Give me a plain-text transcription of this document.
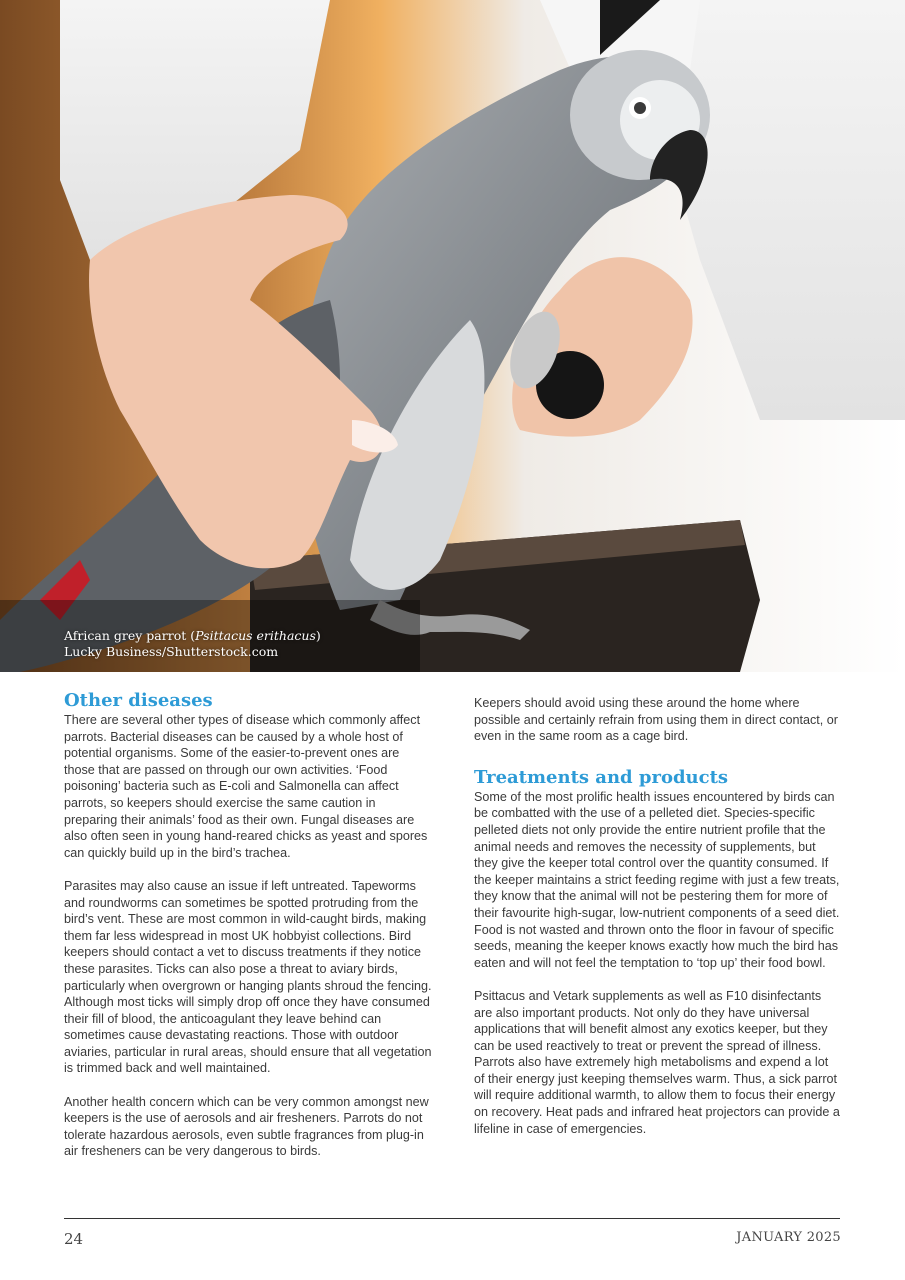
African grey parrot (Psittacus erithacus)
Lucky Business/Shutterstock.com
Other diseases

There are several other types of disease which commonly affect parrots. Bacterial diseases can be caused by a whole host of potential organisms. Some of the easier-to-prevent ones are those that are passed on through our own activities. ‘Food poisoning’ bacteria such as E-coli and Salmonella can affect parrots, so keepers should exercise the same caution in preparing their animals’ food as their own. Fungal diseases are also often seen in young hand-reared chicks as yeast and spores can quickly build up in the bird’s trachea.

Parasites may also cause an issue if left untreated. Tapeworms and roundworms can sometimes be spotted protruding from the bird’s vent. These are most common in wild-caught birds, making them far less widespread in most UK hobbyist collections. Bird keepers should contact a vet to discuss treatments if they notice these parasites. Ticks can also pose a threat to aviary birds, particularly when overgrown or hanging plants shroud the fencing. Although most ticks will simply drop off once they have consumed their fill of blood, the anticoagulant they leave behind can sometimes cause devastating reactions. Those with outdoor aviaries, particular in rural areas, should ensure that all vegetation is trimmed back and well maintained.

Another health concern which can be very common amongst new keepers is the use of aerosols and air fresheners. Parrots do not tolerate hazardous aerosols, even subtle fragrances from plug-in air fresheners can be very dangerous to birds.

Keepers should avoid using these around the home where possible and certainly refrain from using them in direct contact, or even in the same room as a cage bird.

Treatments and products

Some of the most prolific health issues encountered by birds can be combatted with the use of a pelleted diet. Species-specific pelleted diets not only provide the entire nutrient profile that the animal needs and removes the necessity of supplements, but they give the keeper total control over the quantity consumed. If the keeper maintains a strict feeding regime with just a few treats, they know that the animal will not be pestering them for more of their favourite high-sugar, low-nutrient components of a seed diet. Food is not wasted and thrown onto the floor in favour of specific seeds, meaning the keeper knows exactly how much the bird has eaten and will not feel the temptation to ‘top up’ their food bowl.

Psittacus and Vetark supplements as well as F10 disinfectants are also important products. Not only do they have universal applications that will benefit almost any exotics keeper, but they can be used reactively to treat or prevent the spread of illness. Parrots also have extremely high metabolisms and expend a lot of their energy just keeping themselves warm. Thus, a sick parrot will require additional warmth, to allow them to focus their energy on recovery. Heat pads and infrared heat projectors can provide a lifeline in case of emergencies.

24	JANUARY 2025
